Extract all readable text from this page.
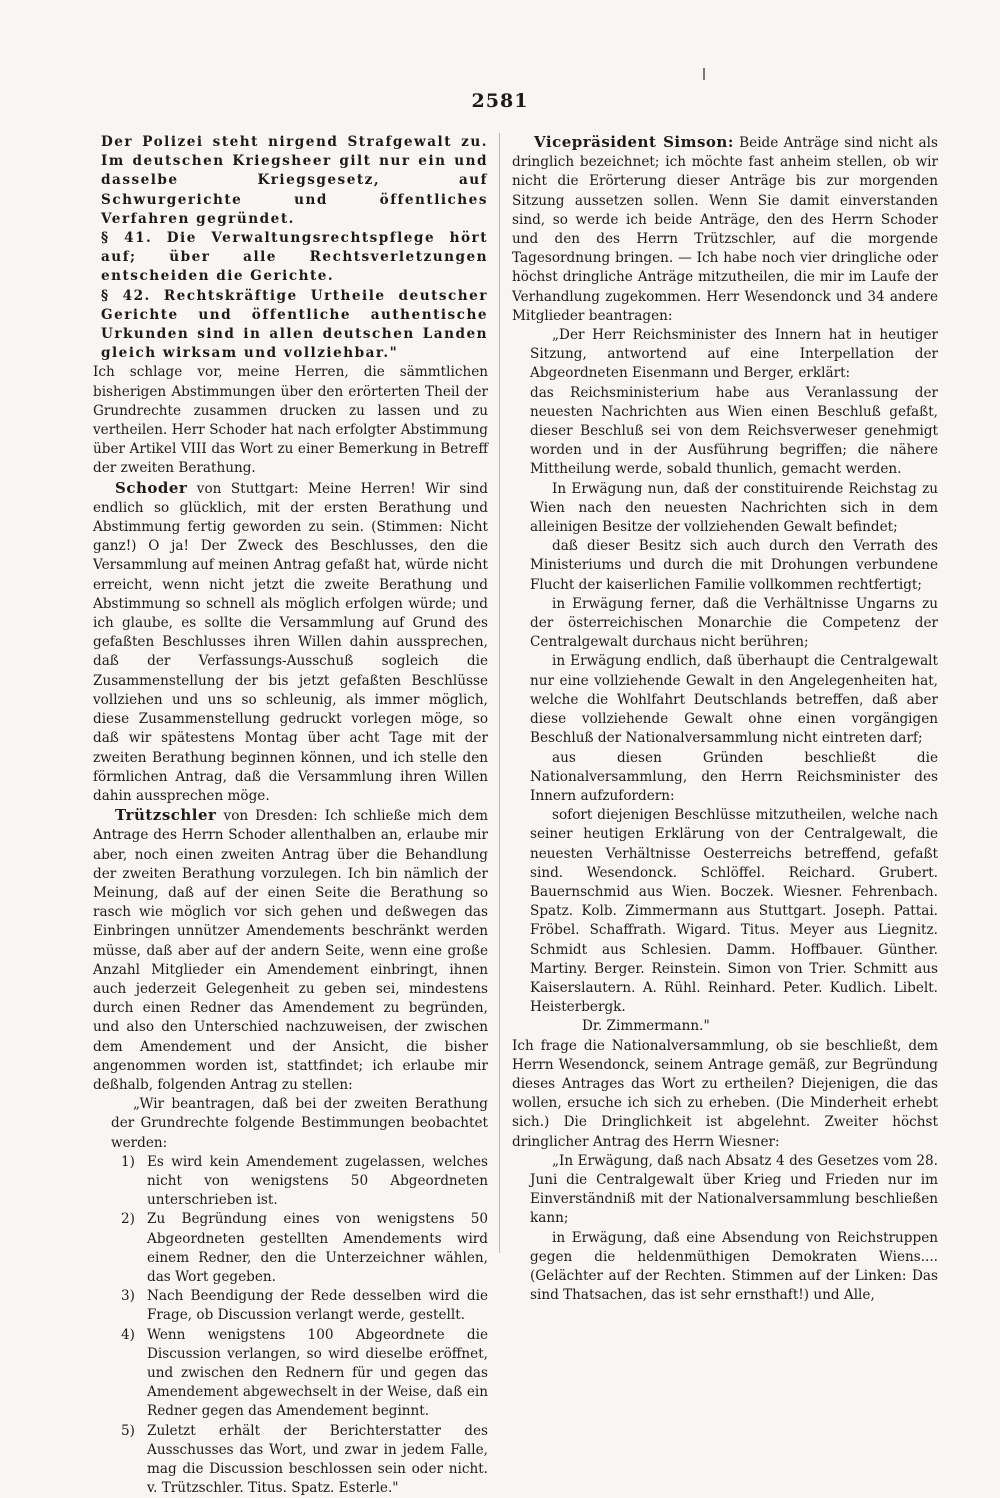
2581

Der Polizei steht nirgend Strafgewalt zu. Im deutschen Kriegsheer gilt nur ein und dasselbe Kriegsgesetz, auf Schwurgerichte und öffentliches Verfahren gegründet.

§ 41. Die Verwaltungsrechtspflege hört auf; über alle Rechtsverletzungen entscheiden die Gerichte.

§ 42. Rechtskräftige Urtheile deutscher Gerichte und öffentliche authentische Urkunden sind in allen deutschen Landen gleich wirksam und vollziehbar."

Ich schlage vor, meine Herren, die sämmtlichen bisherigen Abstimmungen über den erörterten Theil der Grundrechte zusammen drucken zu lassen und zu vertheilen. Herr Schoder hat nach erfolgter Abstimmung über Artikel VIII das Wort zu einer Bemerkung in Betreff der zweiten Berathung.

Schoder von Stuttgart: Meine Herren! Wir sind endlich so glücklich, mit der ersten Berathung und Abstimmung fertig geworden zu sein. (Stimmen: Nicht ganz!) O ja! Der Zweck des Beschlusses, den die Versammlung auf meinen Antrag gefaßt hat, würde nicht erreicht, wenn nicht jetzt die zweite Berathung und Abstimmung so schnell als möglich erfolgen würde; und ich glaube, es sollte die Versammlung auf Grund des gefaßten Beschlusses ihren Willen dahin aussprechen, daß der Verfassungs-Ausschuß sogleich die Zusammenstellung der bis jetzt gefaßten Beschlüsse vollziehen und uns so schleunig, als immer möglich, diese Zusammenstellung gedruckt vorlegen möge, so daß wir spätestens Montag über acht Tage mit der zweiten Berathung beginnen können, und ich stelle den förmlichen Antrag, daß die Versammlung ihren Willen dahin aussprechen möge.

Trützschler von Dresden: Ich schließe mich dem Antrage des Herrn Schoder allenthalben an, erlaube mir aber, noch einen zweiten Antrag über die Behandlung der zweiten Berathung vorzulegen. Ich bin nämlich der Meinung, daß auf der einen Seite die Berathung so rasch wie möglich vor sich gehen und deßwegen das Einbringen unnützer Amendements beschränkt werden müsse, daß aber auf der andern Seite, wenn eine große Anzahl Mitglieder ein Amendement einbringt, ihnen auch jederzeit Gelegenheit zu geben sei, mindestens durch einen Redner das Amendement zu begründen, und also den Unterschied nachzuweisen, der zwischen dem Amendement und der Ansicht, die bisher angenommen worden ist, stattfindet; ich erlaube mir deßhalb, folgenden Antrag zu stellen:

„Wir beantragen, daß bei der zweiten Berathung der Grundrechte folgende Bestimmungen beobachtet werden:

1) Es wird kein Amendement zugelassen, welches nicht von wenigstens 50 Abgeordneten unterschrieben ist.
2) Zu Begründung eines von wenigstens 50 Abgeordneten gestellten Amendements wird einem Redner, den die Unterzeichner wählen, das Wort gegeben.
3) Nach Beendigung der Rede desselben wird die Frage, ob Discussion verlangt werde, gestellt.
4) Wenn wenigstens 100 Abgeordnete die Discussion verlangen, so wird dieselbe eröffnet, und zwischen den Rednern für und gegen das Amendement abgewechselt in der Weise, daß ein Redner gegen das Amendement beginnt.
5) Zuletzt erhält der Berichterstatter des Ausschusses das Wort, und zwar in jedem Falle, mag die Discussion beschlossen sein oder nicht. v. Trützschler. Titus. Spatz. Esterle."

Vicepräsident Simson: Beide Anträge sind nicht als dringlich bezeichnet; ich möchte fast anheim stellen, ob wir nicht die Erörterung dieser Anträge bis zur morgenden Sitzung aussetzen sollen. Wenn Sie damit einverstanden sind, so werde ich beide Anträge, den des Herrn Schoder und den des Herrn Trützschler, auf die morgende Tagesordnung bringen. — Ich habe noch vier dringliche oder höchst dringliche Anträge mitzutheilen, die mir im Laufe der Verhandlung zugekommen. Herr Wesendonck und 34 andere Mitglieder beantragen:

„Der Herr Reichsminister des Innern hat in heutiger Sitzung, antwortend auf eine Interpellation der Abgeordneten Eisenmann und Berger, erklärt:

das Reichsministerium habe aus Veranlassung der neuesten Nachrichten aus Wien einen Beschluß gefaßt, dieser Beschluß sei von dem Reichsverweser genehmigt worden und in der Ausführung begriffen; die nähere Mittheilung werde, sobald thunlich, gemacht werden.

In Erwägung nun, daß der constituirende Reichstag zu Wien nach den neuesten Nachrichten sich in dem alleinigen Besitze der vollziehenden Gewalt befindet;

daß dieser Besitz sich auch durch den Verrath des Ministeriums und durch die mit Drohungen verbundene Flucht der kaiserlichen Familie vollkommen rechtfertigt;

in Erwägung ferner, daß die Verhältnisse Ungarns zu der österreichischen Monarchie die Competenz der Centralgewalt durchaus nicht berühren;

in Erwägung endlich, daß überhaupt die Centralgewalt nur eine vollziehende Gewalt in den Angelegenheiten hat, welche die Wohlfahrt Deutschlands betreffen, daß aber diese vollziehende Gewalt ohne einen vorgängigen Beschluß der Nationalversammlung nicht eintreten darf;

aus diesen Gründen beschließt die Nationalversammlung, den Herrn Reichsminister des Innern aufzufordern:

sofort diejenigen Beschlüsse mitzutheilen, welche nach seiner heutigen Erklärung von der Centralgewalt, die neuesten Verhältnisse Oesterreichs betreffend, gefaßt sind. Wesendonck. Schlöffel. Reichard. Grubert. Bauernschmid aus Wien. Boczek. Wiesner. Fehrenbach. Spatz. Kolb. Zimmermann aus Stuttgart. Joseph. Pattai. Fröbel. Schaffrath. Wigard. Titus. Meyer aus Liegnitz. Schmidt aus Schlesien. Damm. Hoffbauer. Günther. Martiny. Berger. Reinstein. Simon von Trier. Schmitt aus Kaiserslautern. A. Rühl. Reinhard. Peter. Kudlich. Libelt. Heisterbergk.

Dr. Zimmermann."

Ich frage die Nationalversammlung, ob sie beschließt, dem Herrn Wesendonck, seinem Antrage gemäß, zur Begründung dieses Antrages das Wort zu ertheilen? Diejenigen, die das wollen, ersuche ich sich zu erheben. (Die Minderheit erhebt sich.) Die Dringlichkeit ist abgelehnt. Zweiter höchst dringlicher Antrag des Herrn Wiesner:

„In Erwägung, daß nach Absatz 4 des Gesetzes vom 28. Juni die Centralgewalt über Krieg und Frieden nur im Einverständniß mit der Nationalversammlung beschließen kann;

in Erwägung, daß eine Absendung von Reichstruppen gegen die heldenmüthigen Demokraten Wiens.... (Gelächter auf der Rechten. Stimmen auf der Linken: Das sind Thatsachen, das ist sehr ernsthaft!) und Alle,
